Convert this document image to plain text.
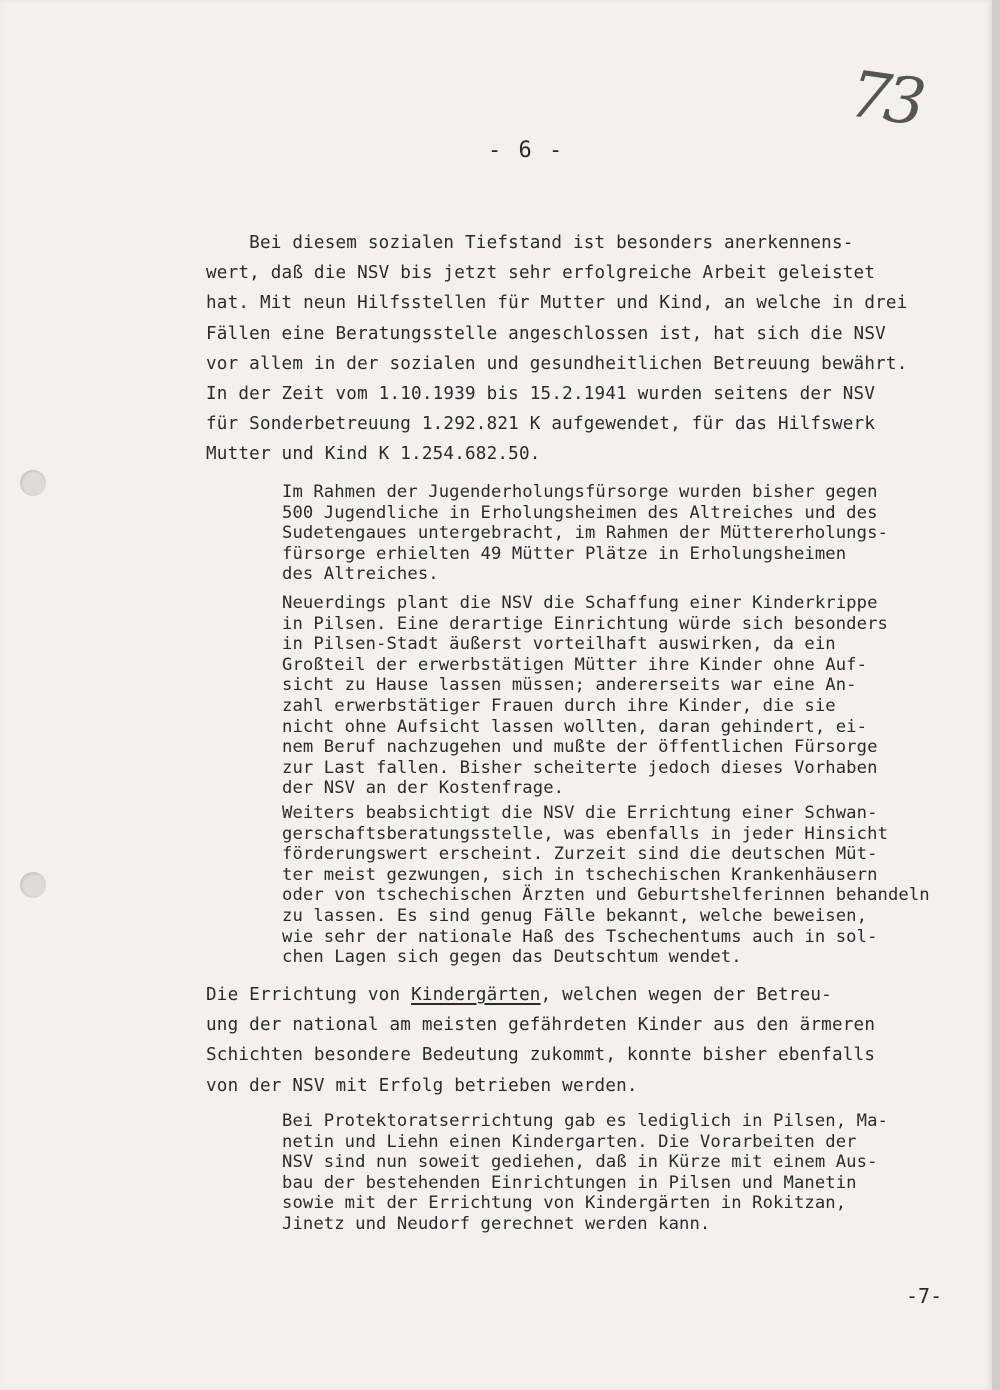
73
- 6 -

Bei diesem sozialen Tiefstand ist besonders anerkennens-
wert, daß die NSV bis jetzt sehr erfolgreiche Arbeit geleistet
hat. Mit neun Hilfsstellen für Mutter und Kind, an welche in drei
Fällen eine Beratungsstelle angeschlossen ist, hat sich die NSV
vor allem in der sozialen und gesundheitlichen Betreuung bewährt.
In der Zeit vom 1.10.1939 bis 15.2.1941 wurden seitens der NSV
für Sonderbetreuung 1.292.821 K aufgewendet, für das Hilfswerk
Mutter und Kind K 1.254.682.50.

Im Rahmen der Jugenderholungsfürsorge wurden bisher gegen
500 Jugendliche in Erholungsheimen des Altreiches und des
Sudetengaues untergebracht, im Rahmen der Müttererholungs-
fürsorge erhielten 49 Mütter Plätze in Erholungsheimen
des Altreiches.

Neuerdings plant die NSV die Schaffung einer Kinderkrippe
in Pilsen. Eine derartige Einrichtung würde sich besonders
in Pilsen-Stadt äußerst vorteilhaft auswirken, da ein
Großteil der erwerbstätigen Mütter ihre Kinder ohne Auf-
sicht zu Hause lassen müssen; andererseits war eine An-
zahl erwerbstätiger Frauen durch ihre Kinder, die sie
nicht ohne Aufsicht lassen wollten, daran gehindert, ei-
nem Beruf nachzugehen und mußte der öffentlichen Fürsorge
zur Last fallen. Bisher scheiterte jedoch dieses Vorhaben
der NSV an der Kostenfrage.

Weiters beabsichtigt die NSV die Errichtung einer Schwan-
gerschaftsberatungsstelle, was ebenfalls in jeder Hinsicht
förderungswert erscheint. Zurzeit sind die deutschen Müt-
ter meist gezwungen, sich in tschechischen Krankenhäusern
oder von tschechischen Ärzten und Geburtshelferinnen behandeln
zu lassen. Es sind genug Fälle bekannt, welche beweisen,
wie sehr der nationale Haß des Tschechentums auch in sol-
chen Lagen sich gegen das Deutschtum wendet.

Die Errichtung von Kindergärten, welchen wegen der Betreu-
ung der national am meisten gefährdeten Kinder aus den ärmeren
Schichten besondere Bedeutung zukommt, konnte bisher ebenfalls
von der NSV mit Erfolg betrieben werden.

Bei Protektoratserrichtung gab es lediglich in Pilsen, Ma-
netin und Liehn einen Kindergarten. Die Vorarbeiten der
NSV sind nun soweit gediehen, daß in Kürze mit einem Aus-
bau der bestehenden Einrichtungen in Pilsen und Manetin
sowie mit der Errichtung von Kindergärten in Rokitzan,
Jinetz und Neudorf gerechnet werden kann.

-7-
